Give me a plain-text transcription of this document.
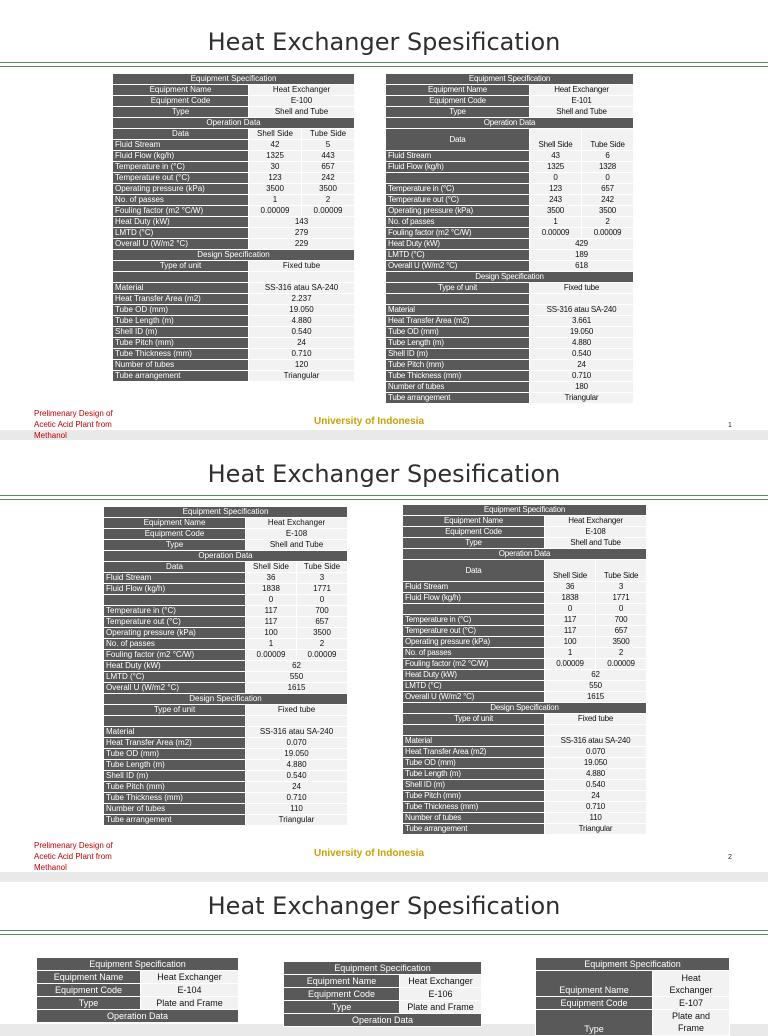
Heat Exchanger Spesification
Equipment Specification		
Equipment Name	Heat Exchanger	
Equipment Code	E-100	
Type	Shell and Tube	
Operation Data		
Data	Shell Side	Tube Side
Fluid Stream	42	5
Fluid Flow (kg/h)	1325	443
Temperature in (°C)	30	657
Temperature out (°C)	123	242
Operating pressure (kPa)	3500	3500
No. of passes	1	2
Fouling factor (m2 °C/W)	0.00009	0.00009
Heat Duty (kW)	143	
LMTD (°C)	279	
Overall U (W/m2 °C)	229	
Design Specification		
Type of unit	Fixed tube	

Material	SS-316 atau SA-240	
Heat Transfer Area (m2)	2.237	
Tube OD (mm)	19.050	
Tube Length (m)	4.880	
Shell ID (m)	0.540	
Tube Pitch (mm)	24	
Tube Thickness (mm)	0.710	
Number of tubes	120	
Tube arrangement	Triangular	
Equipment Specification		
Equipment Name	Heat Exchanger	
Equipment Code	E-101	
Type	Shell and Tube	
Operation Data		
Data	Shell Side	Tube Side
Fluid Stream	43	6
Fluid Flow (kg/h)	1325	1328
	0	0
Temperature in (°C)	123	657
Temperature out (°C)	243	242
Operating pressure (kPa)	3500	3500
No. of passes	1	2
Fouling factor (m2 °C/W)	0.00009	0.00009
Heat Duty (kW)	429	
LMTD (°C)	189	
Overall U (W/m2 °C)	618	
Design Specification		
Type of unit	Fixed tube	

Material	SS-316 atau SA-240	
Heat Transfer Area (m2)	3.661	
Tube OD (mm)	19.050	
Tube Length (m)	4.880	
Shell ID (m)	0.540	
Tube Pitch (mm)	24	
Tube Thickness (mm)	0.710	
Number of tubes	180	
Tube arrangement	Triangular	
Prelimenary Design of Acetic Acid Plant from Methanol
University of Indonesia	1
Heat Exchanger Spesification
Equipment Specification		
Equipment Name	Heat Exchanger	
Equipment Code	E-108	
Type	Shell and Tube	
Operation Data		
Data	Shell Side	Tube Side
Fluid Stream	36	3
Fluid Flow (kg/h)	1838	1771
	0	0
Temperature in (°C)	117	700
Temperature out (°C)	117	657
Operating pressure (kPa)	100	3500
No. of passes	1	2
Fouling factor (m2 °C/W)	0.00009	0.00009
Heat Duty (kW)	62	
LMTD (°C)	550	
Overall U (W/m2 °C)	1615	
Design Specification		
Type of unit	Fixed tube	

Material	SS-316 atau SA-240	
Heat Transfer Area (m2)	0.070	
Tube OD (mm)	19.050	
Tube Length (m)	4.880	
Shell ID (m)	0.540	
Tube Pitch (mm)	24	
Tube Thickness (mm)	0.710	
Number of tubes	110	
Tube arrangement	Triangular	
Equipment Specification		
Equipment Name	Heat Exchanger	
Equipment Code	E-108	
Type	Shell and Tube	
Operation Data		
Data	Shell Side	Tube Side
Fluid Stream	36	3
Fluid Flow (kg/h)	1838	1771
	0	0
Temperature in (°C)	117	700
Temperature out (°C)	117	657
Operating pressure (kPa)	100	3500
No. of passes	1	2
Fouling factor (m2 °C/W)	0.00009	0.00009
Heat Duty (kW)	62	
LMTD (°C)	550	
Overall U (W/m2 °C)	1615	
Design Specification		
Type of unit	Fixed tube	

Material	SS-316 atau SA-240	
Heat Transfer Area (m2)	0.070	
Tube OD (mm)	19.050	
Tube Length (m)	4.880	
Shell ID (m)	0.540	
Tube Pitch (mm)	24	
Tube Thickness (mm)	0.710	
Number of tubes	110	
Tube arrangement	Triangular	
Prelimenary Design of Acetic Acid Plant from Methanol
University of Indonesia	2
Heat Exchanger Spesification
Equipment Specification	
Equipment Name	Heat Exchanger
Equipment Code	E-104
Type	Plate and Frame
Operation Data	
Equipment Specification	
Equipment Name	Heat Exchanger
Equipment Code	E-106
Type	Plate and Frame
Operation Data	
Equipment Specification	
Equipment Name	Heat Exchanger
Equipment Code	E-107
Type	Plate and Frame
